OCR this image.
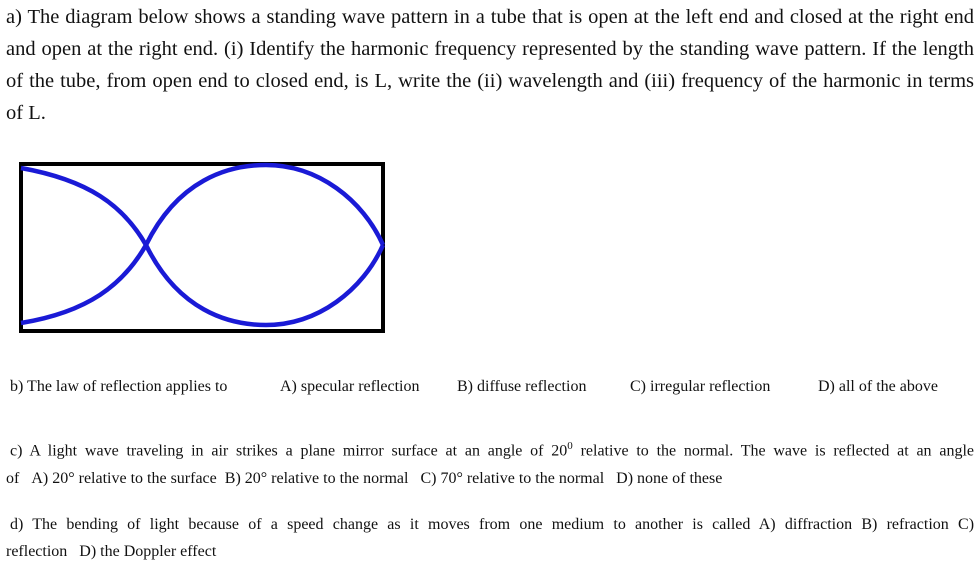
a) The diagram below shows a standing wave pattern in a tube that is open at the left end and closed at the right end and open at the right end. (i) Identify the harmonic frequency represented by the standing wave pattern. If the length of the tube, from open end to closed end, is L, write the (ii) wavelength and (iii) frequency of the harmonic in terms of L.

b) The law of reflection applies to	A) specular reflection B) diffuse reflection	C) irregular reflection	D) all of the above
c) A light wave traveling in air strikes a plane mirror surface at an angle of $20^0$ relative to the normal. The wave is reflected at an angle
of A) 20° relative to the surface B) 20° relative to the normal C) 70° relative to the normal D) none of these
d) The bending of light because of a speed change as it moves from one medium to another is called A) diffraction B) refraction C)
reflection D) the Doppler effect
